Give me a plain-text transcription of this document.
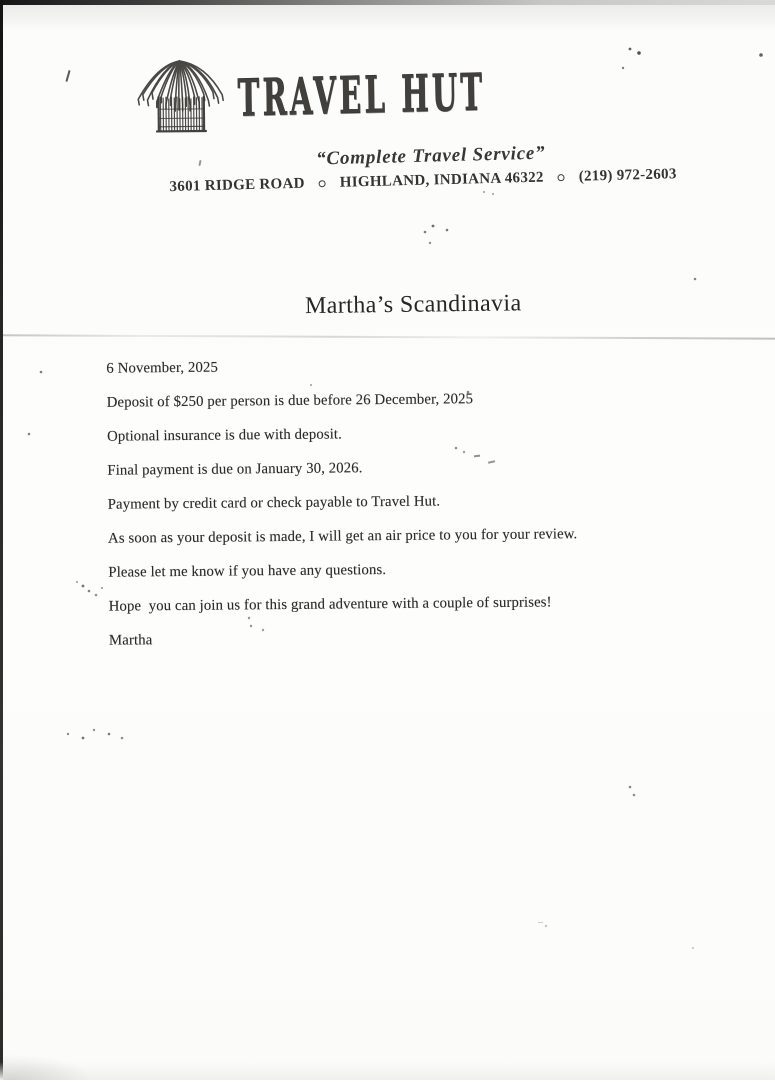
TRAVEL HUT
“Complete Travel Service”
3601 RIDGE ROAD HIGHLAND, INDIANA 46322 (219) 972-2603
Martha’s Scandinavia

6 November, 2025

Deposit of $250 per person is due before 26 December, 2025

Optional insurance is due with deposit.

Final payment is due on January 30, 2026.

Payment by credit card or check payable to Travel Hut.

As soon as your deposit is made, I will get an air price to you for your review.

Please let me know if you have any questions.

Hope  you can join us for this grand adventure with a couple of surprises!

Martha
